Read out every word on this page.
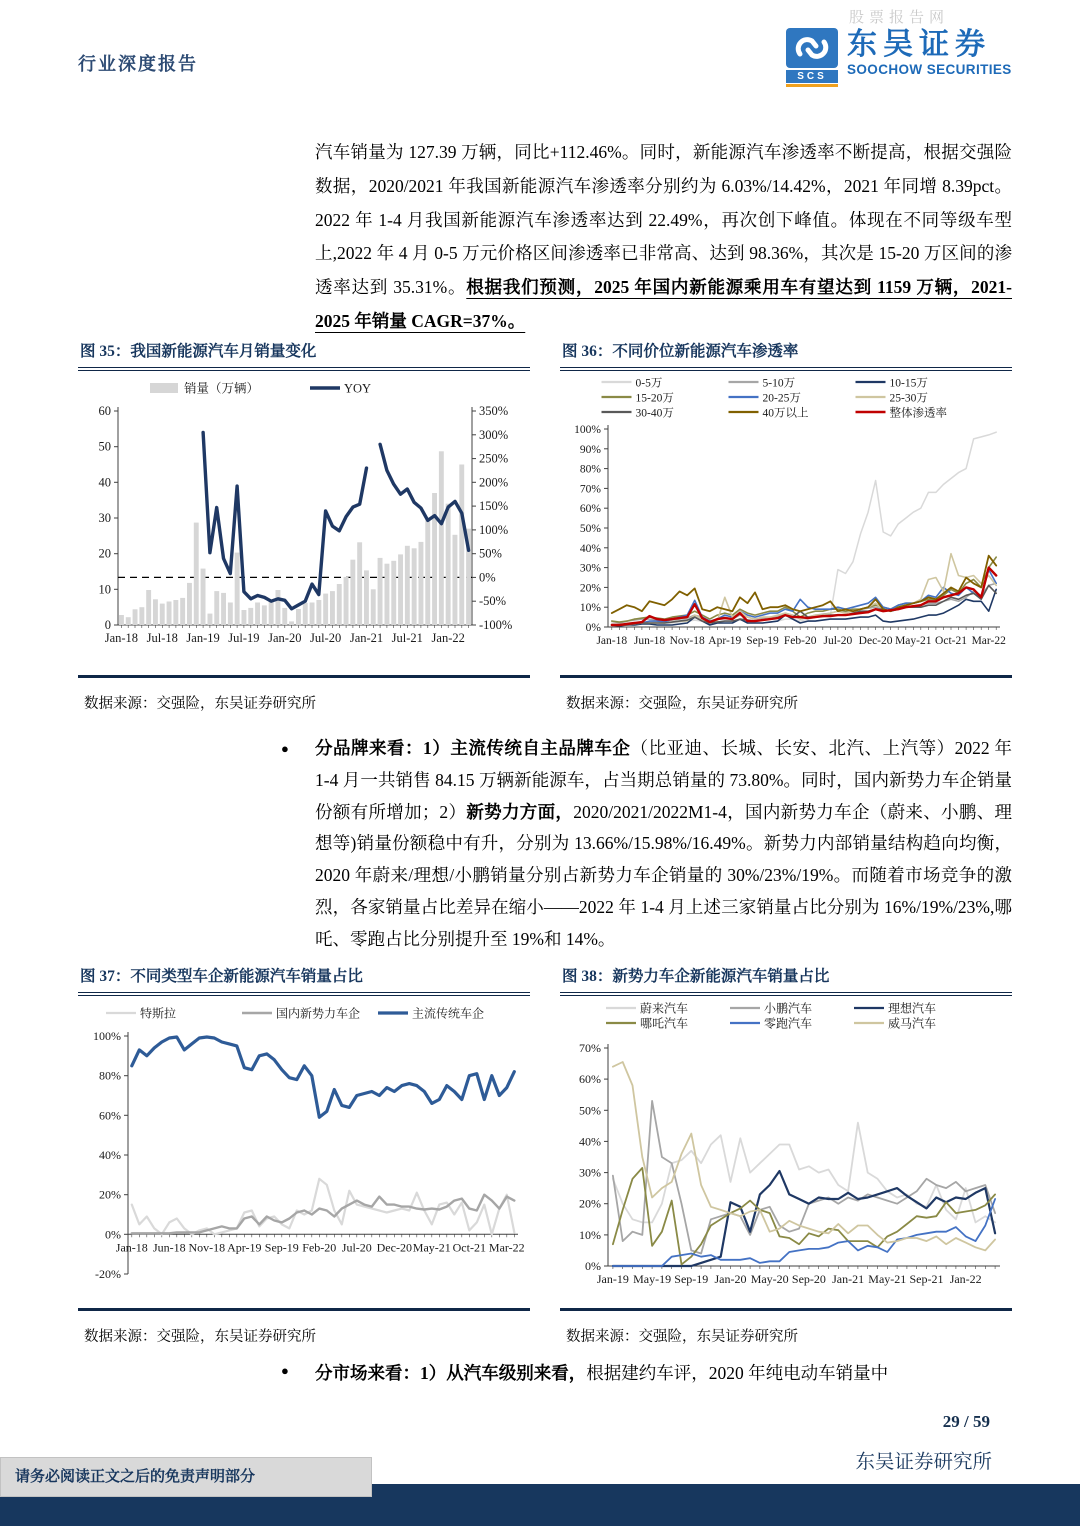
股票报告网
行业深度报告
SCS
东吴证券
SOOCHOW SECURITIES
汽车销量为 127.39 万辆，同比+112.46%。同时，新能源汽车渗透率不断提高，根据交强险数据，2020/2021 年我国新能源汽车渗透率分别约为 6.03%/14.42%，2021 年同增 8.39pct。2022 年 1-4 月我国新能源汽车渗透率达到 22.49%，再次创下峰值。体现在不同等级车型上,2022 年 4 月 0-5 万元价格区间渗透率已非常高、达到 98.36%，其次是 15-20 万区间的渗透率达到 35.31%。根据我们预测，2025 年国内新能源乘用车有望达到 1159 万辆，2021-2025 年销量 CAGR=37%。
图 35：我国新能源汽车月销量变化
销量（万辆）	YOY
0
10
20
30
40
50
60
-100%
-50%
0%
50%
100%
150%
200%
250%
300%
350%
Jan-18 Jul-18 Jan-19 Jul-19 Jan-20 Jul-20 Jan-21 Jul-21 Jan-22
数据来源：交强险，东吴证券研究所
图 36：不同价位新能源汽车渗透率
0-5万	5-10万	10-15万
15-20万	20-25万	25-30万
30-40万	40万以上	整体渗透率
0%
10%
20%
30%
40%
50%
60%
70%
80%
90%
100%
Jan-18 Jun-18 Nov-18 Apr-19 Sep-19 Feb-20 Jul-20 Dec-20 May-21 Oct-21 Mar-22
数据来源：交强险，东吴证券研究所
● 分品牌来看：1）主流传统自主品牌车企（比亚迪、长城、长安、北汽、上汽等）2022 年 1-4 月一共销售 84.15 万辆新能源车，占当期总销量的 73.80%。同时，国内新势力车企销量份额有所增加；2）新势力方面，2020/2021/2022M1-4，国内新势力车企（蔚来、小鹏、理想等)销量份额稳中有升，分别为 13.66%/15.98%/16.49%。新势力内部销量结构趋向均衡，2020 年蔚来/理想/小鹏销量分别占新势力车企销量的 30%/23%/19%。而随着市场竞争的激烈，各家销量占比差异在缩小——2022 年 1-4 月上述三家销量占比分别为 16%/19%/23%,哪吒、零跑占比分别提升至 19%和 14%。
图 37：不同类型车企新能源汽车销量占比
特斯拉	国内新势力车企	主流传统车企
-20%
0%
20%
40%
60%
80%
100%
Jan-18 Jun-18 Nov-18 Apr-19 Sep-19 Feb-20 Jul-20 Dec-20 May-21 Oct-21 Mar-22
数据来源：交强险，东吴证券研究所
图 38：新势力车企新能源汽车销量占比
蔚来汽车	小鹏汽车	理想汽车
哪吒汽车	零跑汽车	威马汽车
0%
10%
20%
30%
40%
50%
60%
70%
Jan-19 May-19 Sep-19 Jan-20 May-20 Sep-20 Jan-21 May-21 Sep-21 Jan-22
数据来源：交强险，东吴证券研究所
● 分市场来看：1）从汽车级别来看，根据建约车评，2020 年纯电动车销量中
29 / 59
东吴证券研究所
请务必阅读正文之后的免责声明部分
